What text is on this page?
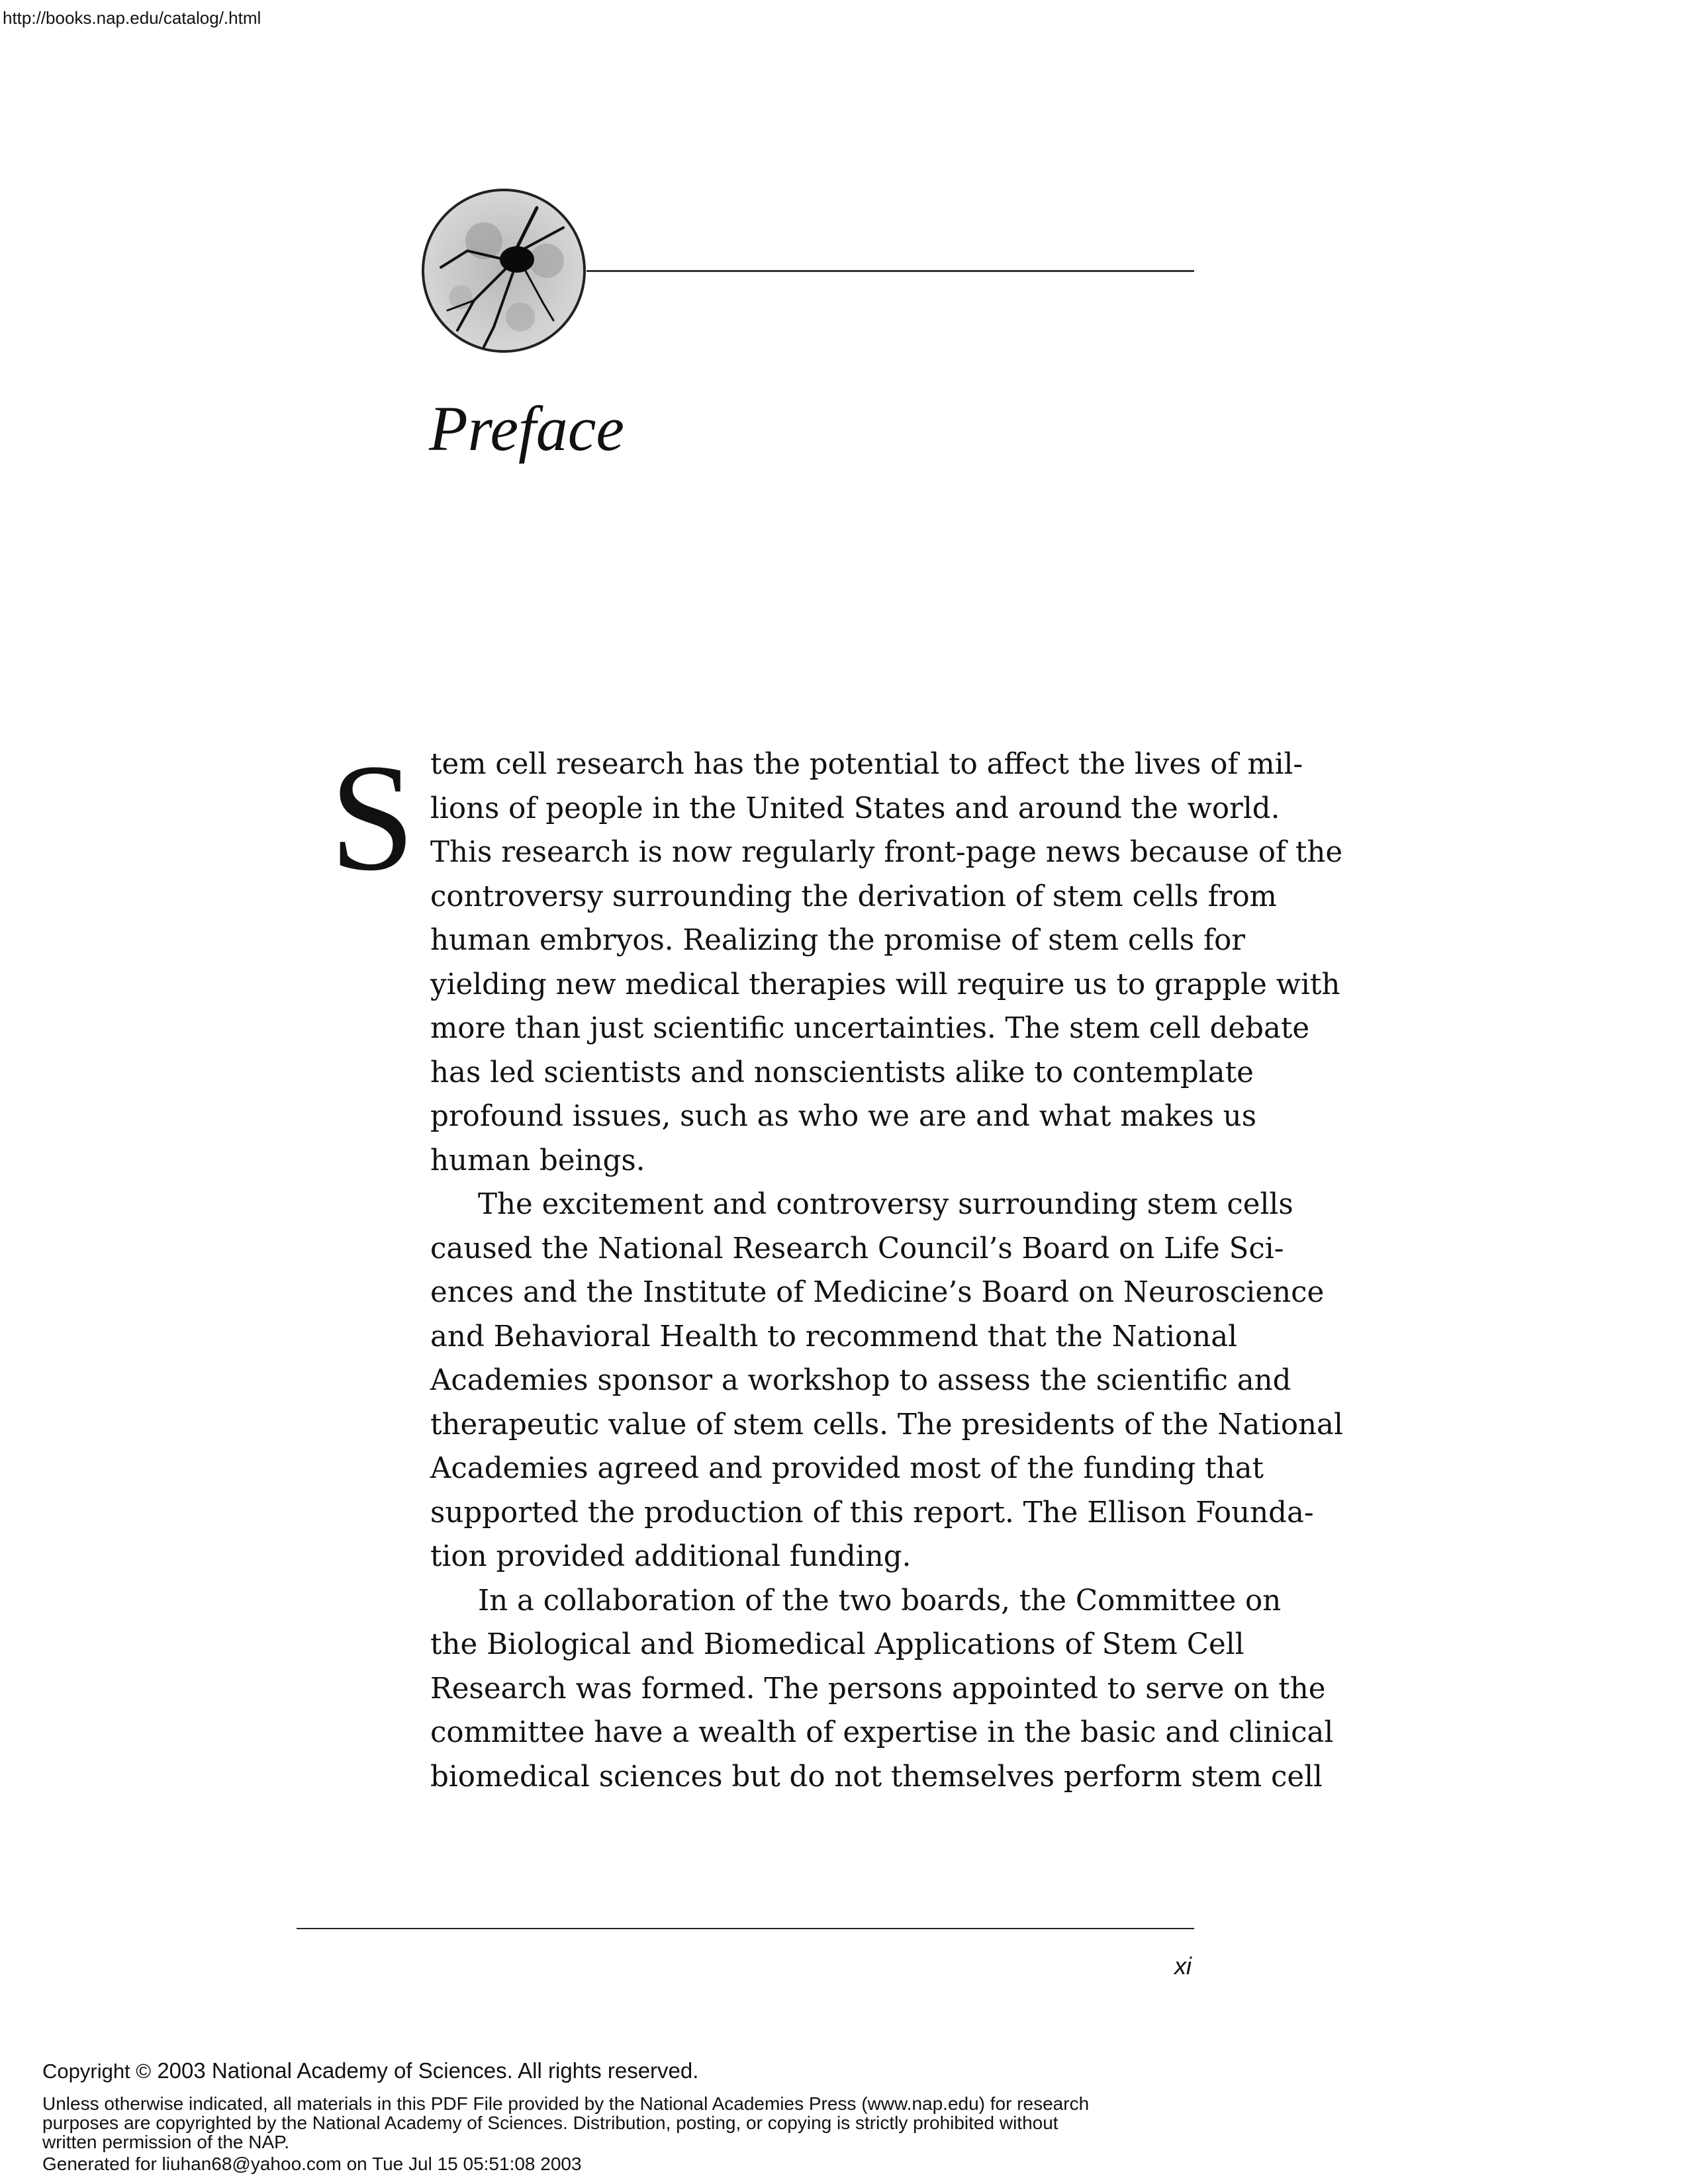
http://books.nap.edu/catalog/.html
Preface
S tem cell research has the potential to affect the lives of mil-
lions of people in the United States and around the world.
This research is now regularly front-page news because of the
controversy surrounding the derivation of stem cells from
human embryos. Realizing the promise of stem cells for
yielding new medical therapies will require us to grapple with
more than just scientific uncertainties. The stem cell debate
has led scientists and nonscientists alike to contemplate
profound issues, such as who we are and what makes us
human beings.
The excitement and controversy surrounding stem cells
caused the National Research Council’s Board on Life Sci-
ences and the Institute of Medicine’s Board on Neuroscience
and Behavioral Health to recommend that the National
Academies sponsor a workshop to assess the scientific and
therapeutic value of stem cells. The presidents of the National
Academies agreed and provided most of the funding that
supported the production of this report. The Ellison Founda-
tion provided additional funding.
In a collaboration of the two boards, the Committee on
the Biological and Biomedical Applications of Stem Cell
Research was formed. The persons appointed to serve on the
committee have a wealth of expertise in the basic and clinical
biomedical sciences but do not themselves perform stem cell
xi
Copyright © 2003 National Academy of Sciences. All rights reserved.
Unless otherwise indicated, all materials in this PDF File provided by the National Academies Press (www.nap.edu) for research
purposes are copyrighted by the National Academy of Sciences. Distribution, posting, or copying is strictly prohibited without
written permission of the NAP.
Generated for liuhan68@yahoo.com on Tue Jul 15 05:51:08 2003
